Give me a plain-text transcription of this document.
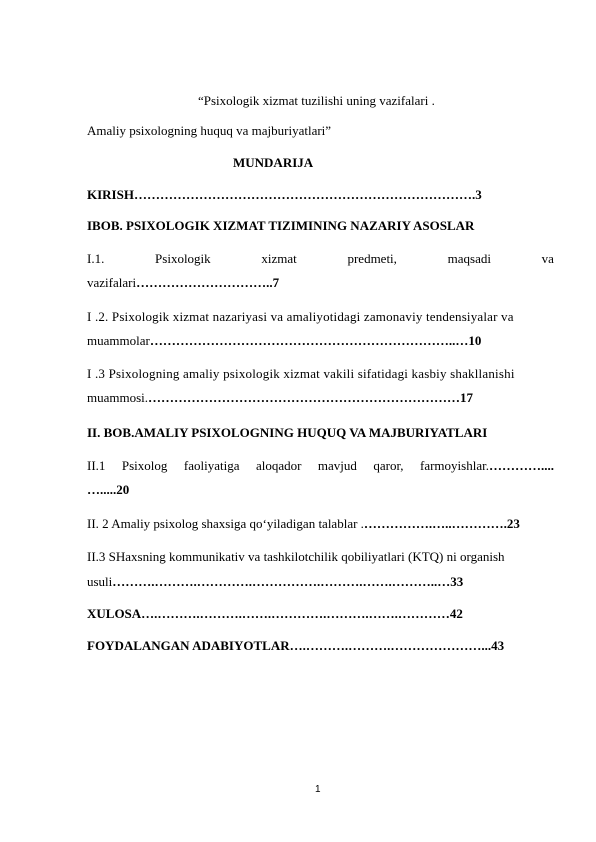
“Psixologik xizmat tuzilishi uning vazifalari .
Amaliy psixologning huquq va majburiyatlari”
MUNDARIJA
KIRISH…………………………………………………………………….3
IBOB. PSIXOLOGIK XIZMAT TIZIMINING NAZARIY ASOSLAR
I.1.	Psixologik	xizmat	predmeti,	maqsadi	va
vazifalari…………………………..7
I .2. Psixologik xizmat nazariyasi va amaliyotidagi zamonaviy tendensiyalar va
muammolar……………………………………………………………..…10
I .3 Psixologning amaliy psixologik xizmat vakili sifatidagi kasbiy shakllanishi
muammosi.………………………………………………………………17
II. BOB.AMALIY PSIXOLOGNING HUQUQ VA MAJBURIYATLARI
II.1 Psixolog faoliyatiga aloqador mavjud qaror, farmoyishlar.…………....
….....20
II. 2 Amaliy psixolog shaxsiga qo‘yiladigan talablar .…………….…..………….23
II.3 SHaxsning kommunikativ va tashkilotchilik qobiliyatlari (KTQ) ni organish
usuli……….……….………….…………….……….…….………..…33
XULOSA….……….……….…….………….……….…….…………42
FOYDALANGAN ADABIYOTLAR….……….……….…………………...43
1
